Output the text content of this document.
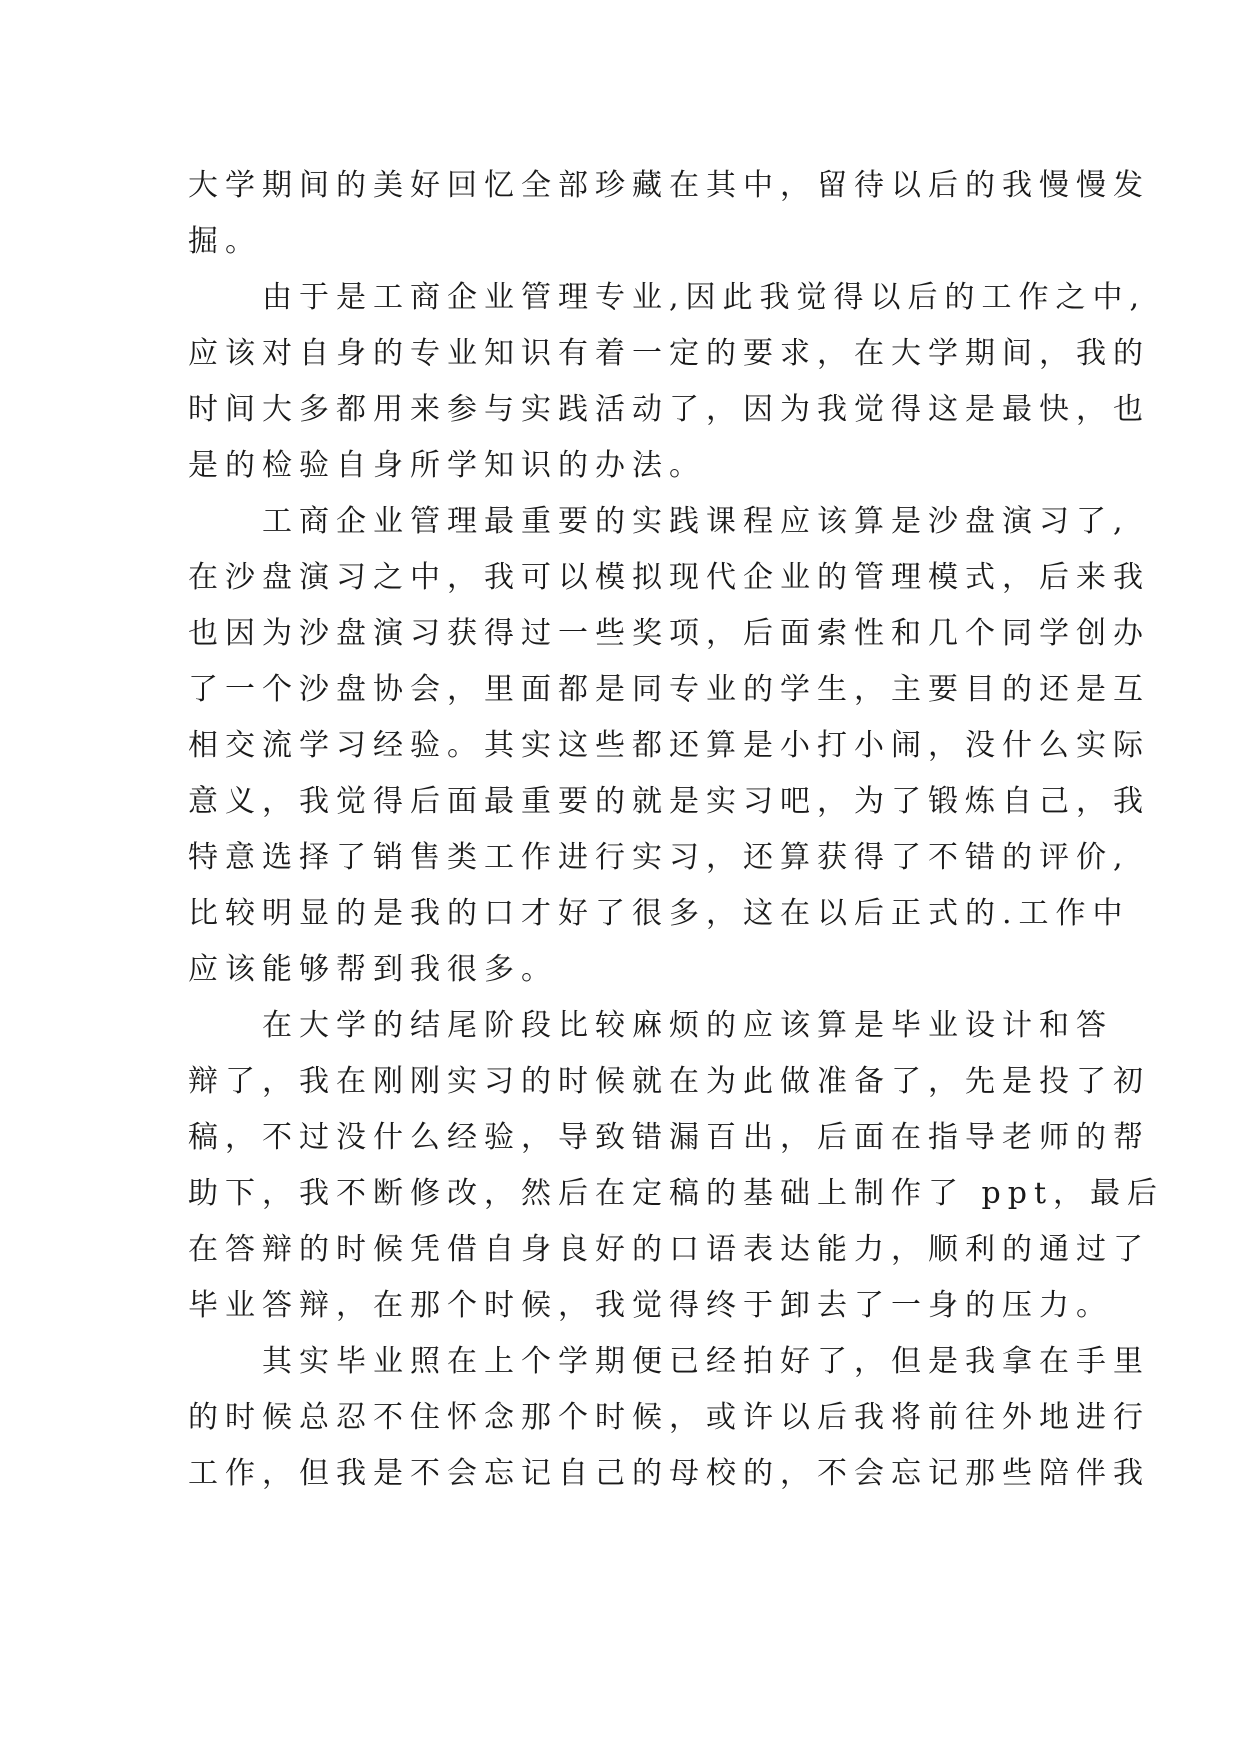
大学期间的美好回忆全部珍藏在其中，留待以后的我慢慢发
掘。

由于是工商企业管理专业,因此我觉得以后的工作之中,
应该对自身的专业知识有着一定的要求，在大学期间，我的
时间大多都用来参与实践活动了，因为我觉得这是最快，也
是的检验自身所学知识的办法。

工商企业管理最重要的实践课程应该算是沙盘演习了,
在沙盘演习之中，我可以模拟现代企业的管理模式，后来我
也因为沙盘演习获得过一些奖项，后面索性和几个同学创办
了一个沙盘协会，里面都是同专业的学生，主要目的还是互
相交流学习经验。其实这些都还算是小打小闹，没什么实际
意义，我觉得后面最重要的就是实习吧，为了锻炼自己，我
特意选择了销售类工作进行实习，还算获得了不错的评价,
比较明显的是我的口才好了很多，这在以后正式的.工作中
应该能够帮到我很多。

在大学的结尾阶段比较麻烦的应该算是毕业设计和答
辩了，我在刚刚实习的时候就在为此做准备了，先是投了初
稿，不过没什么经验，导致错漏百出，后面在指导老师的帮
助下，我不断修改，然后在定稿的基础上制作了 ppt，最后
在答辩的时候凭借自身良好的口语表达能力，顺利的通过了
毕业答辩，在那个时候，我觉得终于卸去了一身的压力。

其实毕业照在上个学期便已经拍好了，但是我拿在手里
的时候总忍不住怀念那个时候，或许以后我将前往外地进行
工作，但我是不会忘记自己的母校的，不会忘记那些陪伴我
